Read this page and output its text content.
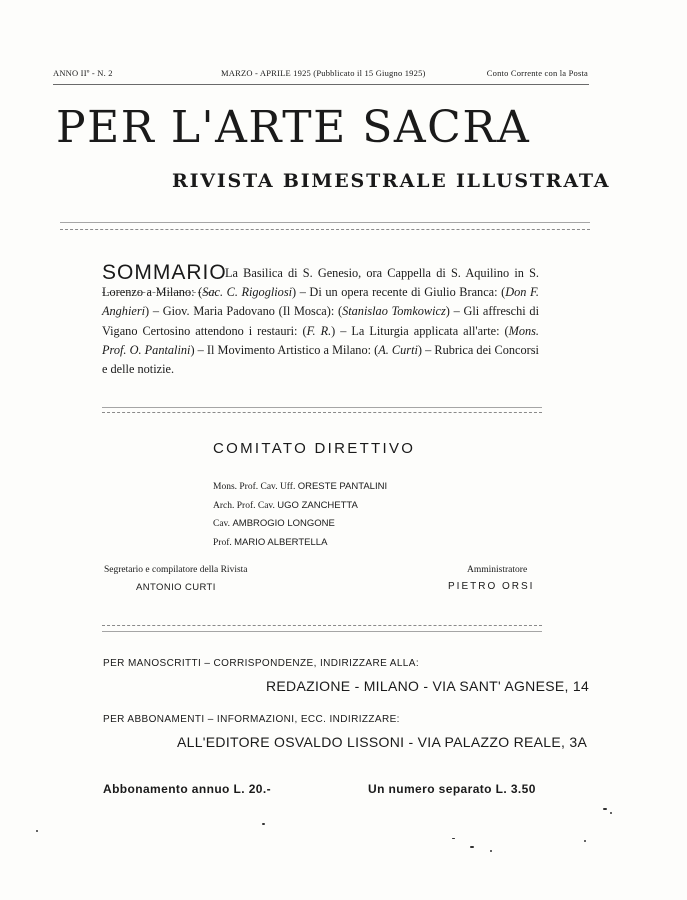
ANNO IIº - N. 2	MARZO - APRILE 1925 (Pubblicato il 15 Giugno 1925)	Conto Corrente con la Posta
PER L'ARTE SACRA
RIVISTA BIMESTRALE ILLUSTRATA
SOMMARIO
La Basilica di S. Genesio, ora Cappella di S. Aquilino in S. Lorenzo a Milano: (Sac. C. Rigogliosi) – Di un opera recente di Giulio Branca: (Don F. Anghieri) – Giov. Maria Padovano (Il Mosca): (Stanislao Tomkowicz) – Gli affreschi di Vigano Certosino attendono i restauri: (F. R.) – La Liturgia applicata all'arte: (Mons. Prof. O. Pantalini) – Il Movimento Artistico a Milano: (A. Curti) – Rubrica dei Concorsi e delle notizie.
COMITATO DIRETTIVO
Mons. Prof. Cav. Uff. ORESTE PANTALINI
Arch. Prof. Cav. UGO ZANCHETTA
Cav. AMBROGIO LONGONE
Prof. MARIO ALBERTELLA
Segretario e compilatore della Rivista
ANTONIO CURTI
Amministratore
PIETRO ORSI
PER MANOSCRITTI – CORRISPONDENZE, INDIRIZZARE ALLA:
REDAZIONE - MILANO - VIA SANT' AGNESE, 14
PER ABBONAMENTI – INFORMAZIONI, ECC. INDIRIZZARE:
ALL'EDITORE OSVALDO LISSONI - VIA PALAZZO REALE, 3A
Abbonamento annuo L. 20.-	Un numero separato L. 3.50
